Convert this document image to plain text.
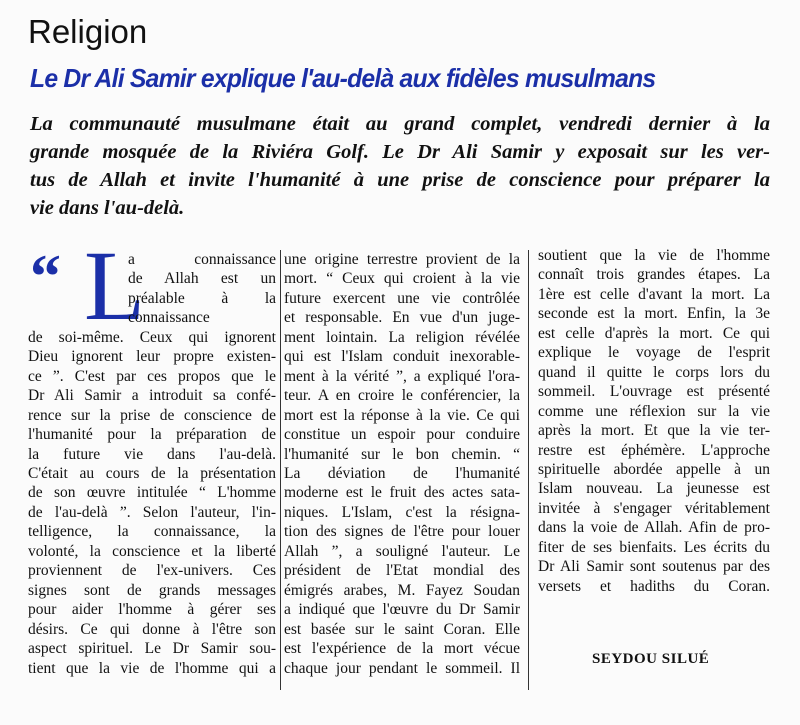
Religion
Le Dr Ali Samir explique l'au-delà aux fidèles musulmans
La communauté musulmane était au grand complet, vendredi dernier à la
grande mosquée de la Riviéra Golf. Le Dr Ali Samir y exposait sur les ver-
tus de Allah et invite l'humanité à une prise de conscience pour préparer la
vie dans l'au-delà.
“ L
a connaissance
de Allah est un
préalable à la
connaissance
de soi-même. Ceux qui ignorent
Dieu ignorent leur propre existen-
ce ”. C'est par ces propos que le
Dr Ali Samir a introduit sa confé-
rence sur la prise de conscience de
l'humanité pour la préparation de
la future vie dans l'au-delà.
C'était au cours de la présentation
de son œuvre intitulée “ L'homme
de l'au-delà ”. Selon l'auteur, l'in-
telligence, la connaissance, la
volonté, la conscience et la liberté
proviennent de l'ex-univers. Ces
signes sont de grands messages
pour aider l'homme à gérer ses
désirs. Ce qui donne à l'être son
aspect spirituel. Le Dr Samir sou-
tient que la vie de l'homme qui a
une origine terrestre provient de la
mort. “ Ceux qui croient à la vie
future exercent une vie contrôlée
et responsable. En vue d'un juge-
ment lointain. La religion révélée
qui est l'Islam conduit inexorable-
ment à la vérité ”, a expliqué l'ora-
teur. A en croire le conférencier, la
mort est la réponse à la vie. Ce qui
constitue un espoir pour conduire
l'humanité sur le bon chemin. “
La déviation de l'humanité
moderne est le fruit des actes sata-
niques. L'Islam, c'est la résigna-
tion des signes de l'être pour louer
Allah ”, a souligné l'auteur. Le
président de l'Etat mondial des
émigrés arabes, M. Fayez Soudan
a indiqué que l'œuvre du Dr Samir
est basée sur le saint Coran. Elle
est l'expérience de la mort vécue
chaque jour pendant le sommeil. Il
soutient que la vie de l'homme
connaît trois grandes étapes. La
1ère est celle d'avant la mort. La
seconde est la mort. Enfin, la 3e
est celle d'après la mort. Ce qui
explique le voyage de l'esprit
quand il quitte le corps lors du
sommeil. L'ouvrage est présenté
comme une réflexion sur la vie
après la mort. Et que la vie ter-
restre est éphémère. L'approche
spirituelle abordée appelle à un
Islam nouveau. La jeunesse est
invitée à s'engager véritablement
dans la voie de Allah. Afin de pro-
fiter de ses bienfaits. Les écrits du
Dr Ali Samir sont soutenus par des
versets et hadiths du Coran.
SEYDOU SILUÉ
